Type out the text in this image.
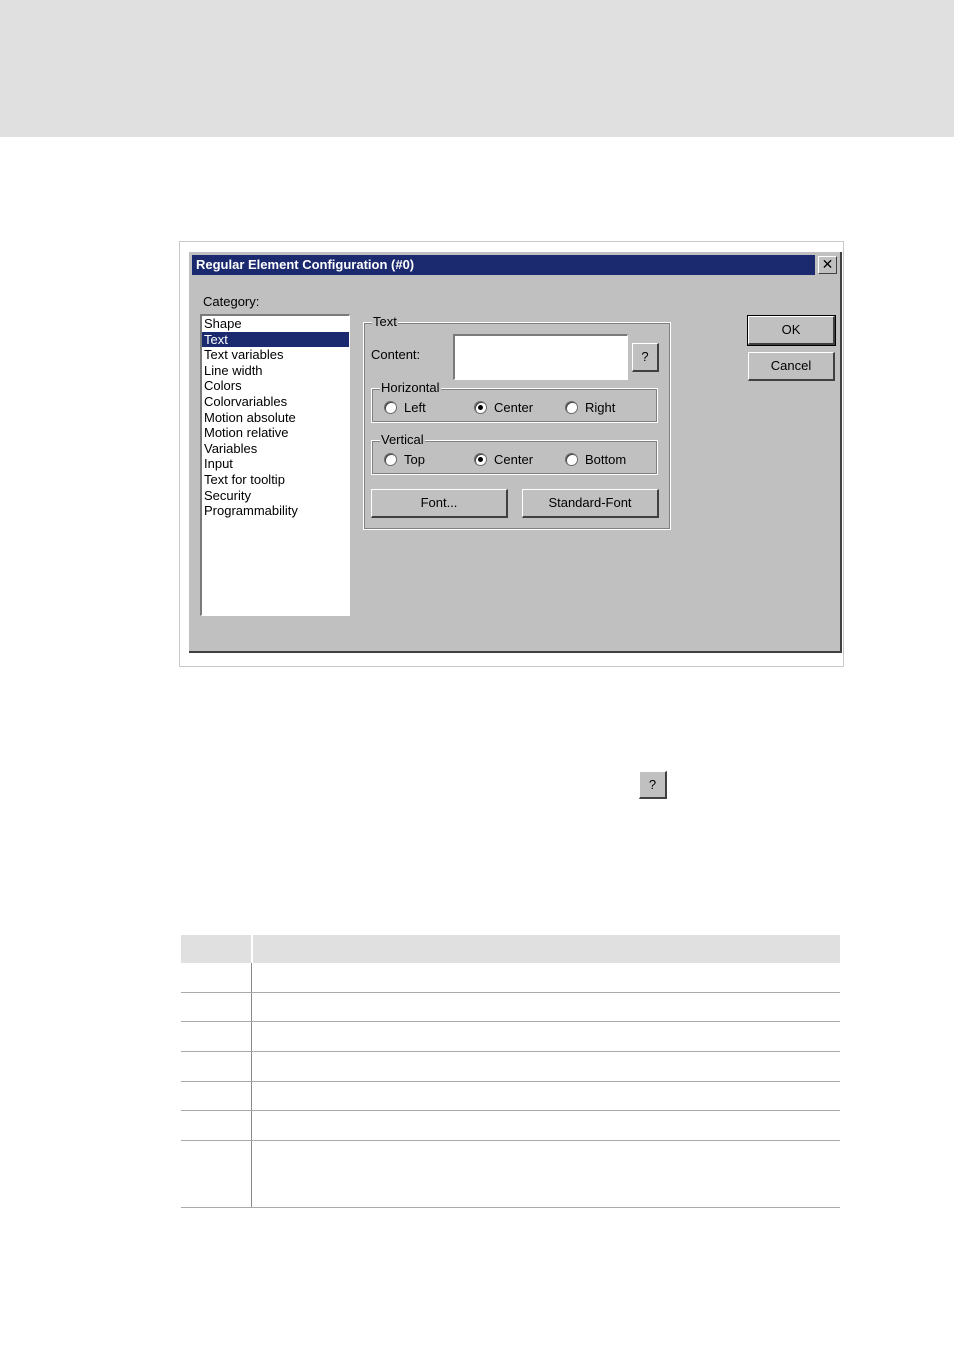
Regular Element Configuration (#0)	✕
Category:
Shape
Text
Text variables
Line width
Colors
Colorvariables
Motion absolute
Motion relative
Variables
Input
Text for tooltip
Security
Programmability
Text
Content:	?
Horizontal
Left	Center	Right
Vertical
Top	Center	Bottom
Font...	Standard-Font
OK
Cancel
?
